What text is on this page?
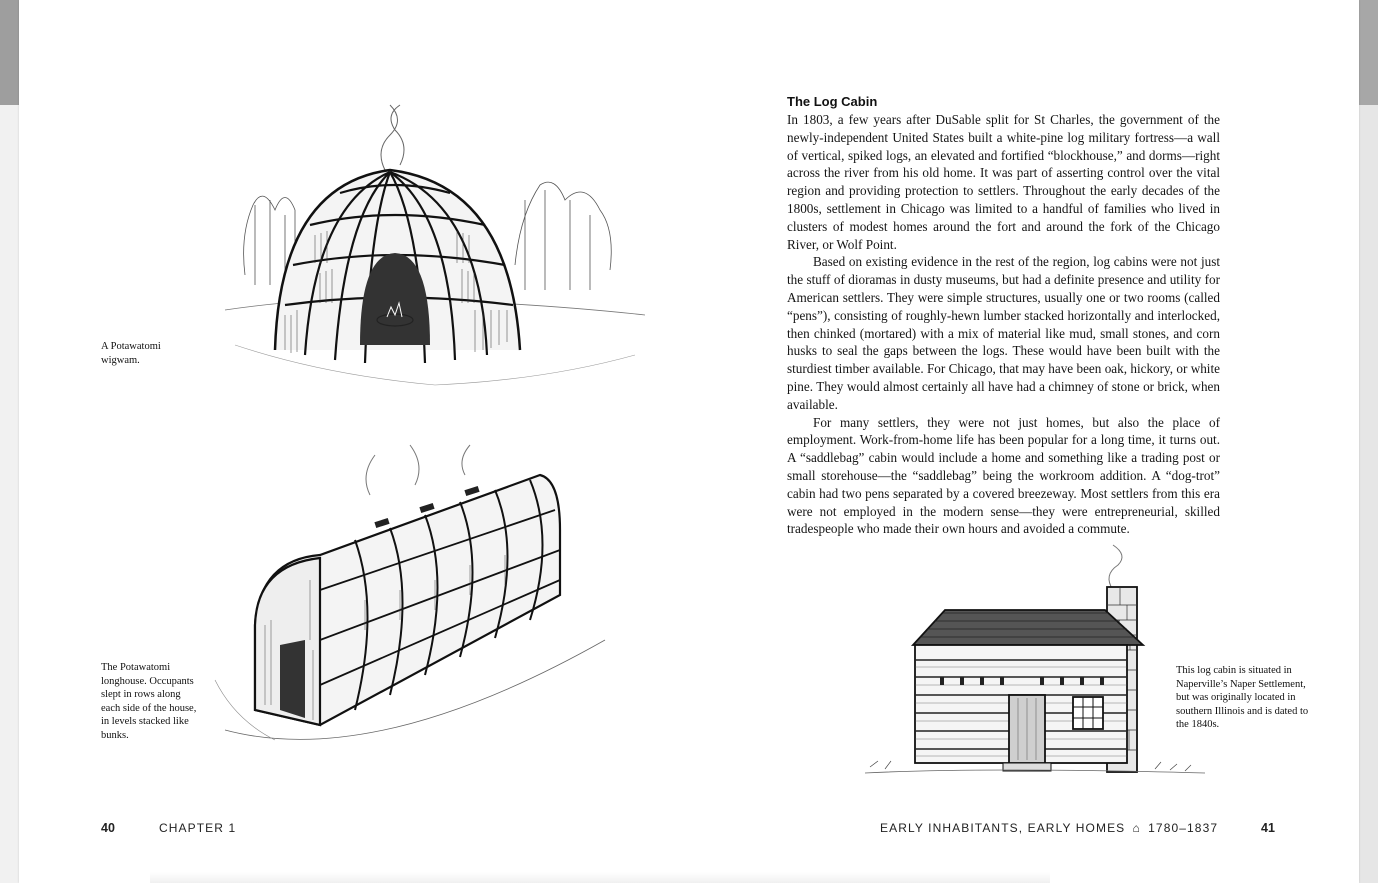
A Potawatomi wigwam.
The Potawatomi longhouse. Occupants slept in rows along each side of the house, in levels stacked like bunks.
This log cabin is situated in Naperville’s Naper Settlement, but was originally located in southern Illinois and is dated to the 1840s.
The Log Cabin

In 1803, a few years after DuSable split for St Charles, the government of the newly-independent United States built a white-pine log military fortress—a wall of vertical, spiked logs, an elevated and fortified “blockhouse,” and dorms—right across the river from his old home. It was part of asserting control over the vital region and providing protection to settlers. Throughout the early decades of the 1800s, settlement in Chicago was limited to a handful of families who lived in clusters of modest homes around the fort and around the fork of the Chicago River, or Wolf Point.

Based on existing evidence in the rest of the region, log cabins were not just the stuff of dioramas in dusty museums, but had a definite presence and utility for American settlers. They were simple structures, usually one or two rooms (called “pens”), consisting of roughly-hewn lumber stacked horizontally and interlocked, then chinked (mortared) with a mix of material like mud, small stones, and corn husks to seal the gaps between the logs. These would have been built with the sturdiest timber available. For Chicago, that may have been oak, hickory, or white pine. They would almost certainly all have had a chimney of stone or brick, when available.

For many settlers, they were not just homes, but also the place of employment. Work-from-home life has been popular for a long time, it turns out. A “saddlebag” cabin would include a home and something like a trading post or small storehouse—the “saddlebag” being the workroom addition. A “dog-trot” cabin had two pens separated by a covered breezeway. Most settlers from this era were not employed in the modern sense—they were entrepreneurial, skilled tradespeople who made their own hours and avoided a commute.

40	CHAPTER 1	EARLY INHABITANTS, EARLY HOMES ⌂ 1780–1837	41
